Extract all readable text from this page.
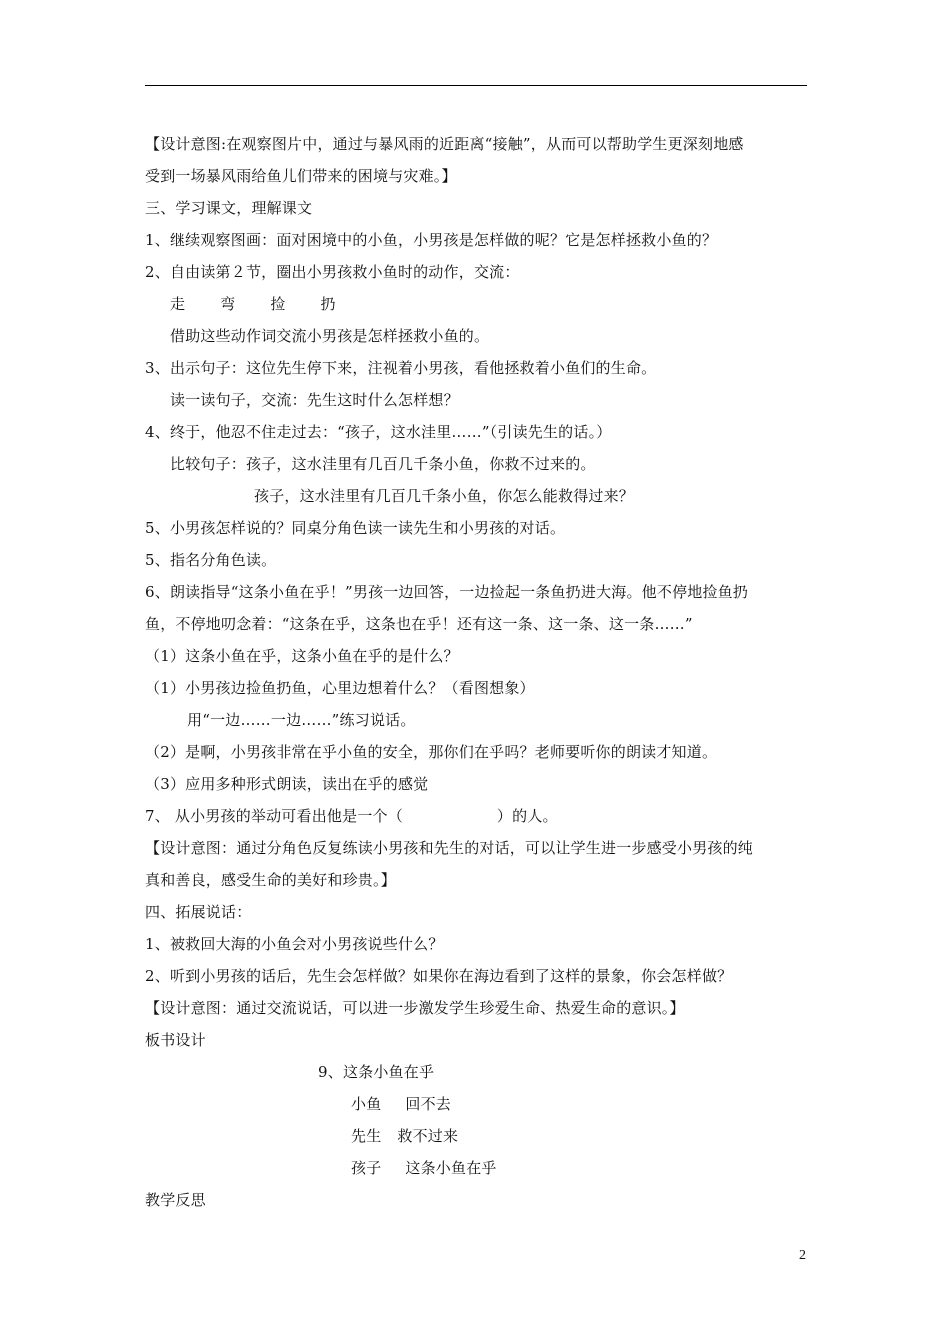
【设计意图:在观察图片中，通过与暴风雨的近距离“接触”，从而可以帮助学生更深刻地感
受到一场暴风雨给鱼儿们带来的困境与灾难。】
三、学习课文，理解课文
1、继续观察图画：面对困境中的小鱼，小男孩是怎样做的呢？它是怎样拯救小鱼的？
2、自由读第２节，圈出小男孩救小鱼时的动作，交流：
走 弯 捡 扔
借助这些动作词交流小男孩是怎样拯救小鱼的。
3、出示句子：这位先生停下来，注视着小男孩，看他拯救着小鱼们的生命。
读一读句子，交流：先生这时什么怎样想？
4、终于，他忍不住走过去：“孩子，这水洼里……”（引读先生的话。）
比较句子：孩子，这水洼里有几百几千条小鱼，你救不过来的。
孩子，这水洼里有几百几千条小鱼，你怎么能救得过来？
5、小男孩怎样说的？同桌分角色读一读先生和小男孩的对话。
5、指名分角色读。
6、朗读指导“这条小鱼在乎！”男孩一边回答，一边捡起一条鱼扔进大海。他不停地捡鱼扔
鱼，不停地叨念着：“这条在乎，这条也在乎！还有这一条、这一条、这一条……”
（1）这条小鱼在乎，这条小鱼在乎的是什么？
（1）小男孩边捡鱼扔鱼，心里边想着什么？（看图想象）
用“一边……一边……”练习说话。
（2）是啊，小男孩非常在乎小鱼的安全，那你们在乎吗？老师要听你的朗读才知道。
（3）应用多种形式朗读，读出在乎的感觉
7、 从小男孩的举动可看出他是一个（	）的人。
【设计意图：通过分角色反复练读小男孩和先生的对话，可以让学生进一步感受小男孩的纯
真和善良，感受生命的美好和珍贵。】
四、拓展说话：
1、被救回大海的小鱼会对小男孩说些什么？
2、听到小男孩的话后，先生会怎样做？如果你在海边看到了这样的景象，你会怎样做？
【设计意图：通过交流说话，可以进一步激发学生珍爱生命、热爱生命的意识。】
板书设计
9、这条小鱼在乎
小鱼 回不去
先生 救不过来
孩子 这条小鱼在乎
教学反思
2
